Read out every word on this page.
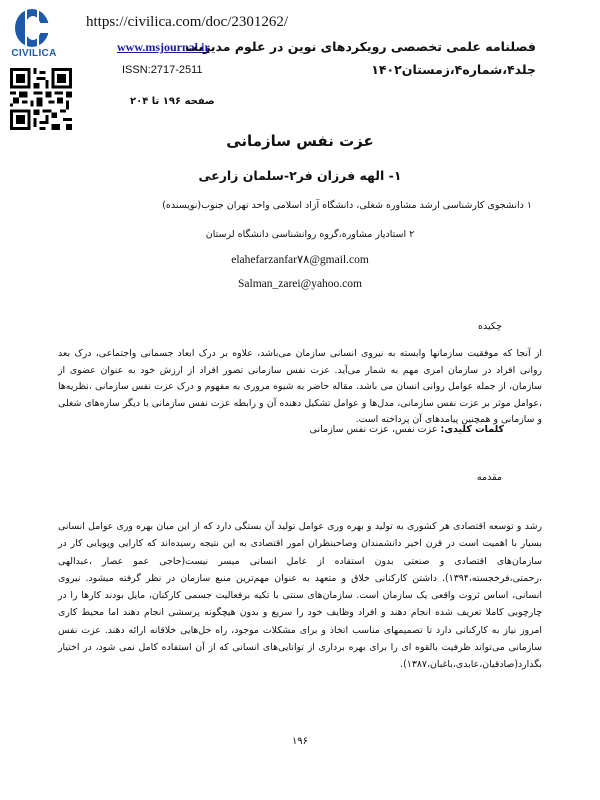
CIVILICA
https://civilica.com/doc/2301262/
www.msjournal.ir
ISSN:2717-2511
صفحه ۱۹۶ تا ۲۰۴
فصلنامه علمی تخصصی رویکردهای نوین در علوم مدیریت
جلد۴،شماره۴،زمستان۱۴۰۲
عزت نفس سازمانی
۱- الهه فرزان فر۲-سلمان زارعی
۱ دانشجوی کارشناسی ارشد مشاوره شغلی، دانشگاه آزاد اسلامی واحد تهران جنوب(نویسنده)
۲ استادیار مشاوره،گروه روانشناسی دانشگاه لرستان
elahefarzanfar۷۸@gmail.com
Salman_zarei@yahoo.com
چکیده
از آنجا که موفقیت سازمانها وابسته به نیروی انسانی سازمان می‌باشد، علاوه بر درک ابعاد جسمانی واجتماعی، درک بعد روانی افراد در سازمان امری مهم به شمار می‌آید. عزت نفس سازمانی تصور افراد از ارزش خود به عنوان عضوی از سازمان، از جمله عوامل روانی انسان می باشد. مقاله حاضر به شیوه مروری به مفهوم و درک عزت نفس سازمانی ،نظریه‌ها ،عوامل موثر بر عزت نفس سازمانی، مدل‌ها و عوامل تشکیل دهنده آن و رابطه عزت نفس سازمانی با دیگر سازه‌های شغلی و سازمانی و همچنین پیامدهای آن پرداخته است.
کلمات کلیدی: عزت نفس، عزت نفس سازمانی
مقدمه
رشد و توسعه اقتصادی هر کشوری به تولید و بهره وری عوامل تولید آن بستگی دارد که از این میان بهره وری عوامل انسانی بسیار با اهمیت است در قرن اخیر دانشمندان وصاحبنظران امور اقتصادی به این نتیجه رسیده‌اند که کارایی وپویایی کار در سازمان‌های اقتصادی و صنعتی بدون استفاده از عامل انسانی میسر نیست(حاجی عمو عصار ،عبدالهی ،رحمتی،فرخجسته،۱۳۹۴). داشتن کارکنانی خلاق و متعهد به عنوان مهم‌ترین منبع سازمان در نظر گرفته میشود. نیروی انسانی، اساس ثروت واقعی یک سازمان است. سازمان‌های سنتی با تکیه برفعالیت جسمی کارکنان، مایل بودند کارها را در چارچوبی کاملا تعریف شده انجام دهند و افراد وظایف خود را سریع و بدون هیچگونه پرسشی انجام دهند اما محیط کاری امروز نیاز به کارکنانی دارد تا تصمیمهای مناسب اتخاذ و برای مشکلات موجود، راه حل‌هایی خلاقانه ارائه دهند. عزت نفس سازمانی می‌تواند ظرفیت بالقوه ای را برای بهره برداری از توانایی‌های انسانی که از آن استفاده کامل نمی شود، در اختیار بگذارد(صادقیان،عابدی،باغبان،۱۳۸۷).
۱۹۶
